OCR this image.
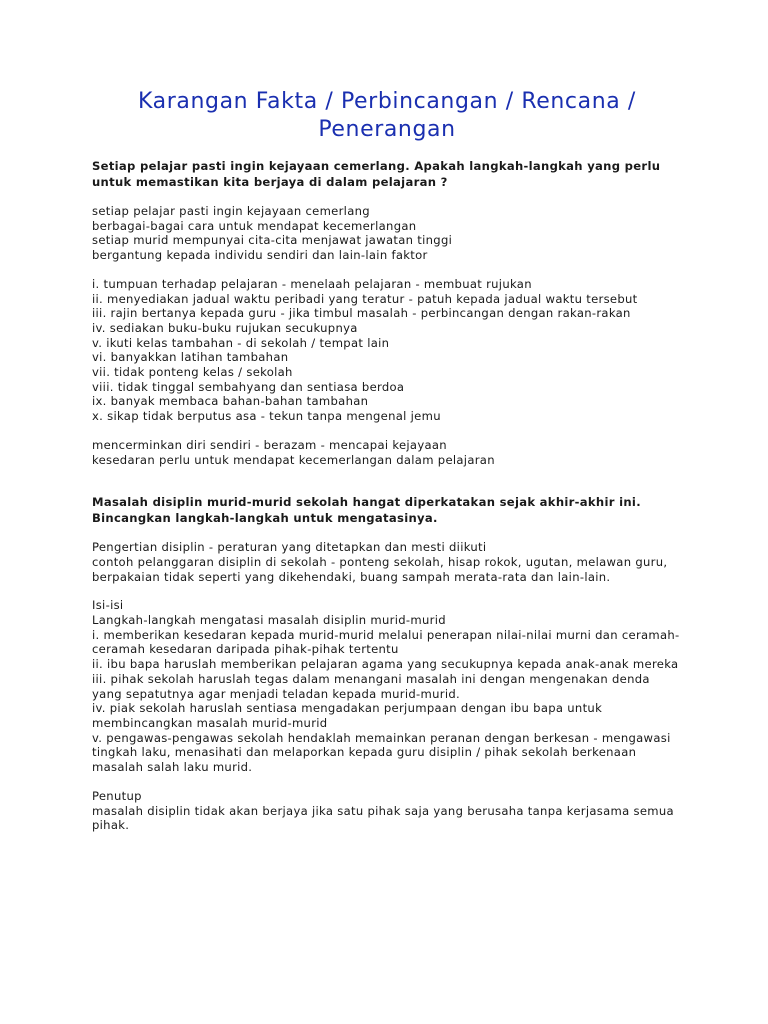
Karangan Fakta / Perbincangan / Rencana / Penerangan

Setiap pelajar pasti ingin kejayaan cemerlang. Apakah langkah-langkah yang perlu untuk memastikan kita berjaya di dalam pelajaran ?

setiap pelajar pasti ingin kejayaan cemerlang
berbagai-bagai cara untuk mendapat kecemerlangan
setiap murid mempunyai cita-cita menjawat jawatan tinggi
bergantung kepada individu sendiri dan lain-lain faktor
i. tumpuan terhadap pelajaran - menelaah pelajaran - membuat rujukan
ii. menyediakan jadual waktu peribadi yang teratur - patuh kepada jadual waktu tersebut
iii. rajin bertanya kepada guru - jika timbul masalah - perbincangan dengan rakan-rakan
iv. sediakan buku-buku rujukan secukupnya
v. ikuti kelas tambahan - di sekolah / tempat lain
vi. banyakkan latihan tambahan
vii. tidak ponteng kelas / sekolah
viii. tidak tinggal sembahyang dan sentiasa berdoa
ix. banyak membaca bahan-bahan tambahan
x. sikap tidak berputus asa - tekun tanpa mengenal jemu
mencerminkan diri sendiri - berazam - mencapai kejayaan
kesedaran perlu untuk mendapat kecemerlangan dalam pelajaran

Masalah disiplin murid-murid sekolah hangat diperkatakan sejak akhir-akhir ini. Bincangkan langkah-langkah untuk mengatasinya.

Pengertian disiplin - peraturan yang ditetapkan dan mesti diikuti
contoh pelanggaran disiplin di sekolah - ponteng sekolah, hisap rokok, ugutan, melawan guru, berpakaian tidak seperti yang dikehendaki, buang sampah merata-rata dan lain-lain.
Isi-isi
Langkah-langkah mengatasi masalah disiplin murid-murid
i. memberikan kesedaran kepada murid-murid melalui penerapan nilai-nilai murni dan ceramah-ceramah kesedaran daripada pihak-pihak tertentu
ii. ibu bapa haruslah memberikan pelajaran agama yang secukupnya kepada anak-anak mereka
iii. pihak sekolah haruslah tegas dalam menangani masalah ini dengan mengenakan denda yang sepatutnya agar menjadi teladan kepada murid-murid.
iv. piak sekolah haruslah sentiasa mengadakan perjumpaan dengan ibu bapa untuk membincangkan masalah murid-murid
v. pengawas-pengawas sekolah hendaklah memainkan peranan dengan berkesan - mengawasi tingkah laku, menasihati dan melaporkan kepada guru disiplin / pihak sekolah berkenaan masalah salah laku murid.
Penutup
masalah disiplin tidak akan berjaya jika satu pihak saja yang berusaha tanpa kerjasama semua pihak.
